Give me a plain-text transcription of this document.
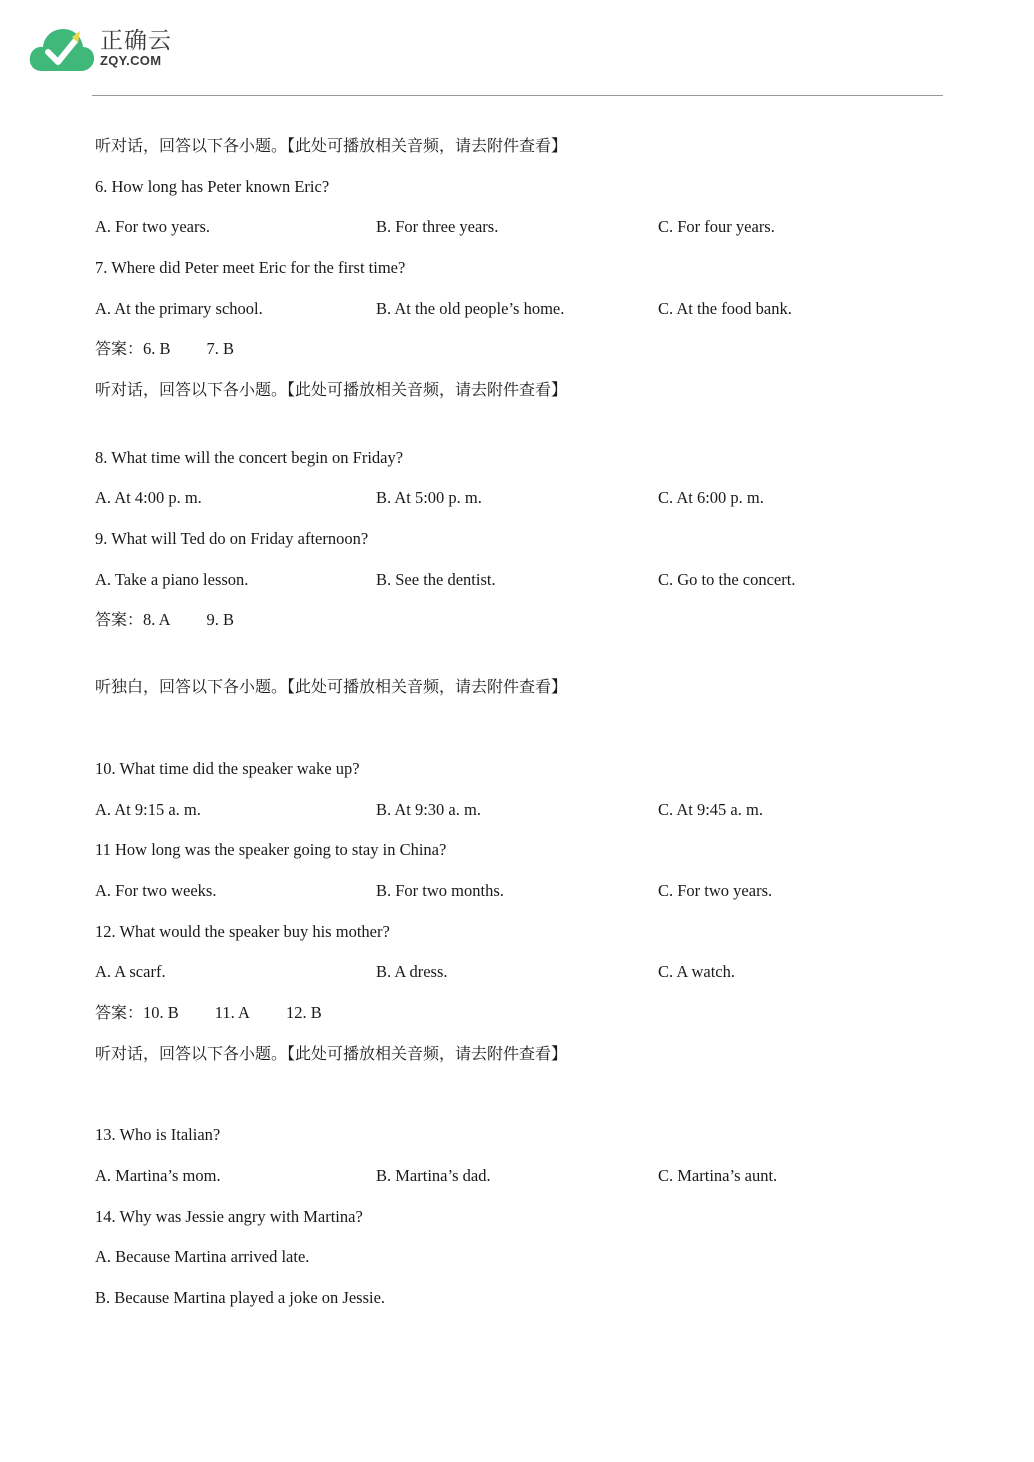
正确云
ZQY.COM
听对话，回答以下各小题。【此处可播放相关音频，请去附件查看】
6. How long has Peter known Eric?
A. For two years.	B. For three years.	C. For four years.
7. Where did Peter meet Eric for the first time?
A. At the primary school.	B. At the old people’s home.	C. At the food bank.
答案：6. B 7. B
听对话，回答以下各小题。【此处可播放相关音频，请去附件查看】
8. What time will the concert begin on Friday?
A. At 4:00 p. m.	B. At 5:00 p. m.	C. At 6:00 p. m.
9. What will Ted do on Friday afternoon?
A. Take a piano lesson.	B. See the dentist.	C. Go to the concert.
答案：8. A 9. B
听独白，回答以下各小题。【此处可播放相关音频，请去附件查看】
10. What time did the speaker wake up?
A. At 9:15 a. m.	B. At 9:30 a. m.	C. At 9:45 a. m.
11 How long was the speaker going to stay in China?
A. For two weeks.	B. For two months.	C. For two years.
12. What would the speaker buy his mother?
A. A scarf.	B. A dress.	C. A watch.
答案：10. B 11. A 12. B
听对话，回答以下各小题。【此处可播放相关音频，请去附件查看】
13. Who is Italian?
A. Martina’s mom.	B. Martina’s dad.	C. Martina’s aunt.
14. Why was Jessie angry with Martina?
A. Because Martina arrived late.
B. Because Martina played a joke on Jessie.
